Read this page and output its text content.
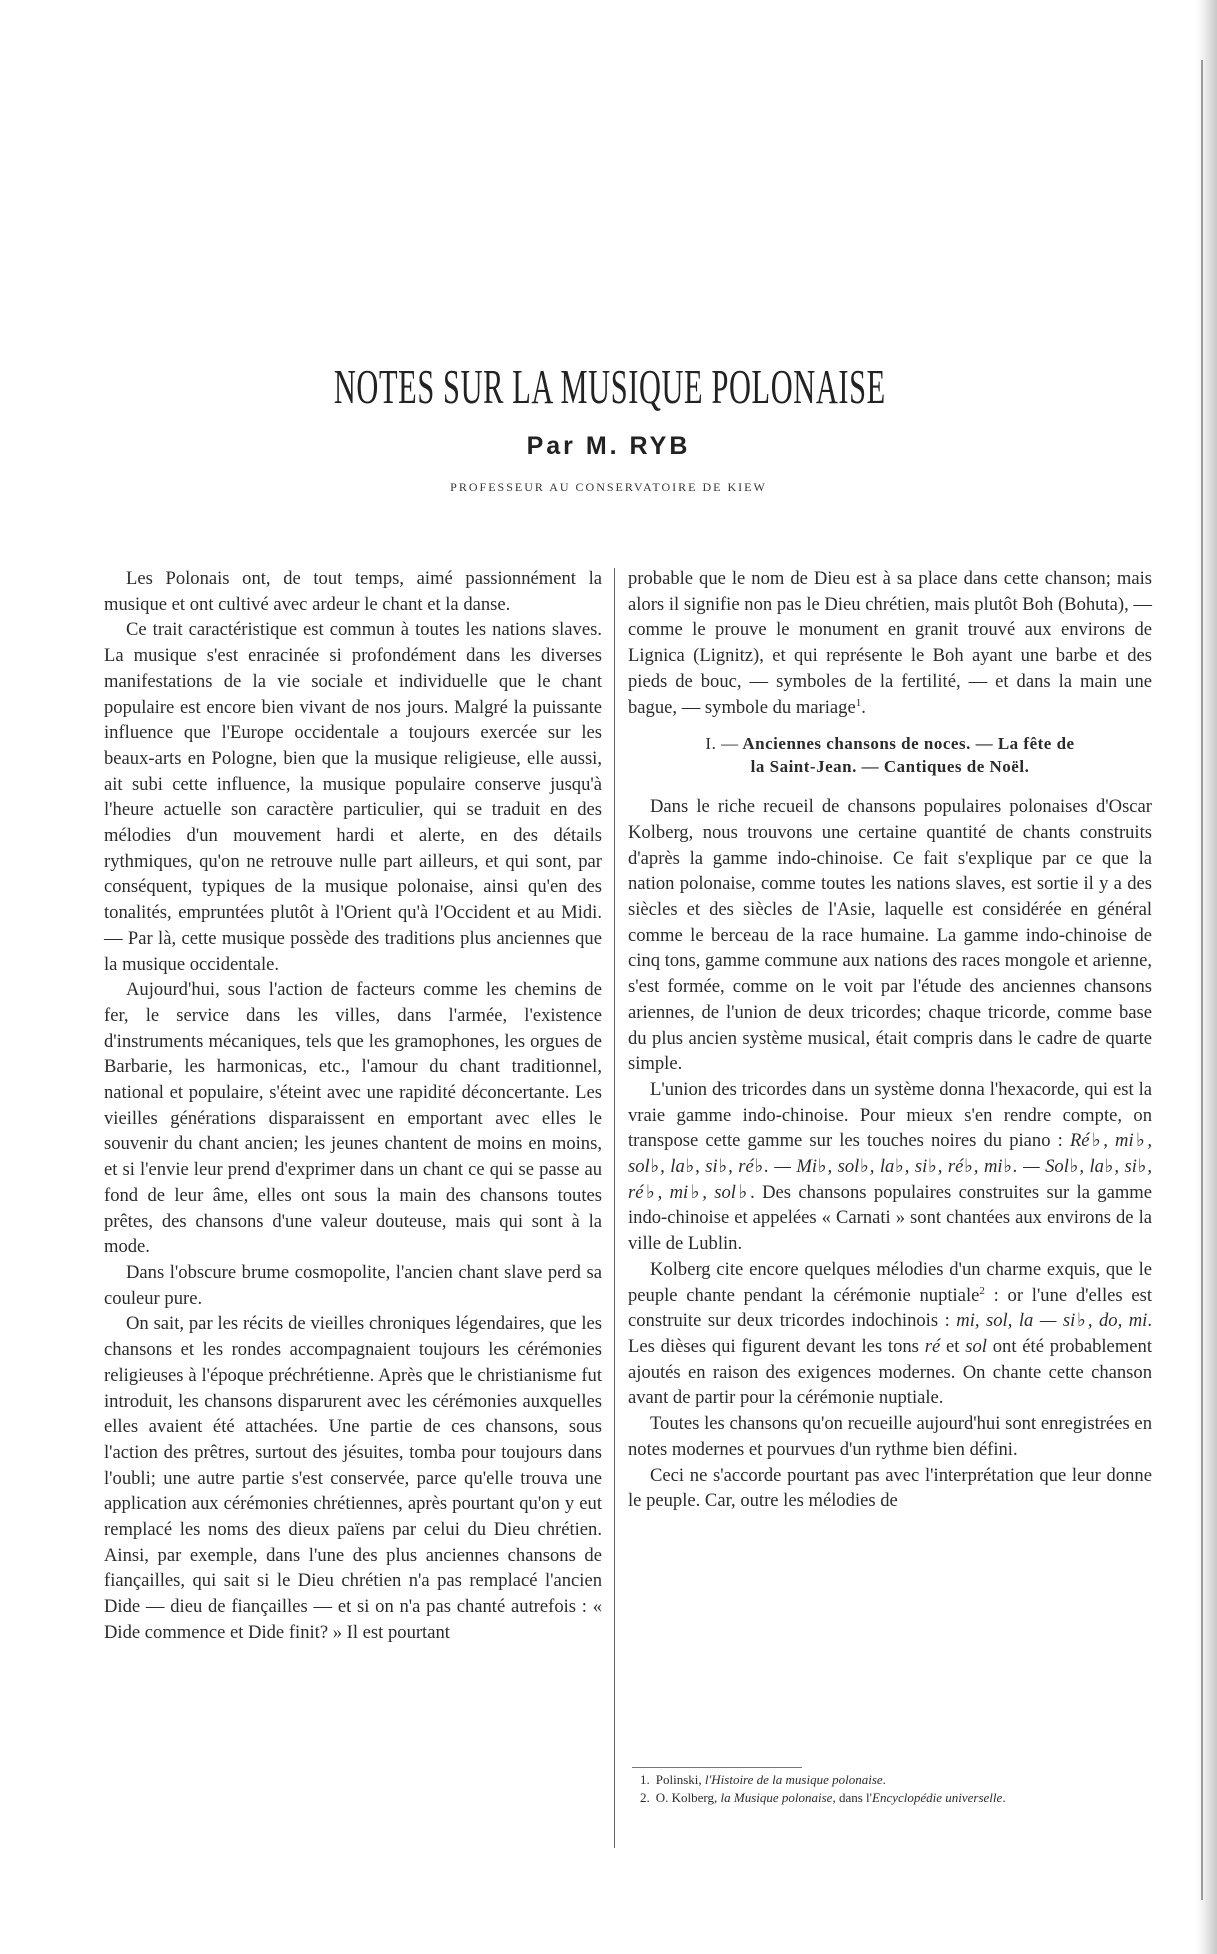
NOTES SUR LA MUSIQUE POLONAISE
Par M. RYB
PROFESSEUR AU CONSERVATOIRE DE KIEW

Les Polonais ont, de tout temps, aimé passionnément la musique et ont cultivé avec ardeur le chant et la danse.

Ce trait caractéristique est commun à toutes les nations slaves. La musique s'est enracinée si profondément dans les diverses manifestations de la vie sociale et individuelle que le chant populaire est encore bien vivant de nos jours. Malgré la puissante influence que l'Europe occidentale a toujours exercée sur les beaux-arts en Pologne, bien que la musique religieuse, elle aussi, ait subi cette influence, la musique populaire conserve jusqu'à l'heure actuelle son caractère particulier, qui se traduit en des mélodies d'un mouvement hardi et alerte, en des détails rythmiques, qu'on ne retrouve nulle part ailleurs, et qui sont, par conséquent, typiques de la musique polonaise, ainsi qu'en des tonalités, empruntées plutôt à l'Orient qu'à l'Occident et au Midi. — Par là, cette musique possède des traditions plus anciennes que la musique occidentale.

Aujourd'hui, sous l'action de facteurs comme les chemins de fer, le service dans les villes, dans l'armée, l'existence d'instruments mécaniques, tels que les gramophones, les orgues de Barbarie, les harmonicas, etc., l'amour du chant traditionnel, national et populaire, s'éteint avec une rapidité déconcertante. Les vieilles générations disparaissent en emportant avec elles le souvenir du chant ancien; les jeunes chantent de moins en moins, et si l'envie leur prend d'exprimer dans un chant ce qui se passe au fond de leur âme, elles ont sous la main des chansons toutes prêtes, des chansons d'une valeur douteuse, mais qui sont à la mode.

Dans l'obscure brume cosmopolite, l'ancien chant slave perd sa couleur pure.

On sait, par les récits de vieilles chroniques légendaires, que les chansons et les rondes accompagnaient toujours les cérémonies religieuses à l'époque préchrétienne. Après que le christianisme fut introduit, les chansons disparurent avec les cérémonies auxquelles elles avaient été attachées. Une partie de ces chansons, sous l'action des prêtres, surtout des jésuites, tomba pour toujours dans l'oubli; une autre partie s'est conservée, parce qu'elle trouva une application aux cérémonies chrétiennes, après pourtant qu'on y eut remplacé les noms des dieux païens par celui du Dieu chrétien. Ainsi, par exemple, dans l'une des plus anciennes chansons de fiançailles, qui sait si le Dieu chrétien n'a pas remplacé l'ancien Dide — dieu de fiançailles — et si on n'a pas chanté autrefois : « Dide commence et Dide finit? » Il est pourtant

probable que le nom de Dieu est à sa place dans cette chanson; mais alors il signifie non pas le Dieu chrétien, mais plutôt Boh (Bohuta), — comme le prouve le monument en granit trouvé aux environs de Lignica (Lignitz), et qui représente le Boh ayant une barbe et des pieds de bouc, — symboles de la fertilité, — et dans la main une bague, — symbole du mariage$^1$.

I. — Anciennes chansons de noces. — La fête de
la Saint-Jean. — Cantiques de Noël.

Dans le riche recueil de chansons populaires polonaises d'Oscar Kolberg, nous trouvons une certaine quantité de chants construits d'après la gamme indo-chinoise. Ce fait s'explique par ce que la nation polonaise, comme toutes les nations slaves, est sortie il y a des siècles et des siècles de l'Asie, laquelle est considérée en général comme le berceau de la race humaine. La gamme indo-chinoise de cinq tons, gamme commune aux nations des races mongole et arienne, s'est formée, comme on le voit par l'étude des anciennes chansons ariennes, de l'union de deux tricordes; chaque tricorde, comme base du plus ancien système musical, était compris dans le cadre de quarte simple.

L'union des tricordes dans un système donna l'hexacorde, qui est la vraie gamme indo-chinoise. Pour mieux s'en rendre compte, on transpose cette gamme sur les touches noires du piano : Ré♭, mi♭, sol♭, la♭, si♭, ré♭. — Mi♭, sol♭, la♭, si♭, ré♭, mi♭. — Sol♭, la♭, si♭, ré♭, mi♭, sol♭. Des chansons populaires construites sur la gamme indo-chinoise et appelées « Carnati » sont chantées aux environs de la ville de Lublin.

Kolberg cite encore quelques mélodies d'un charme exquis, que le peuple chante pendant la cérémonie nuptiale$^2$ : or l'une d'elles est construite sur deux tricordes indochinois : mi, sol, la — si♭, do, mi. Les dièses qui figurent devant les tons ré et sol ont été probablement ajoutés en raison des exigences modernes. On chante cette chanson avant de partir pour la cérémonie nuptiale.

Toutes les chansons qu'on recueille aujourd'hui sont enregistrées en notes modernes et pourvues d'un rythme bien défini.

Ceci ne s'accorde pourtant pas avec l'interprétation que leur donne le peuple. Car, outre les mélodies de

1. Polinski, l'Histoire de la musique polonaise.

2. O. Kolberg, la Musique polonaise, dans l'Encyclopédie universelle.
